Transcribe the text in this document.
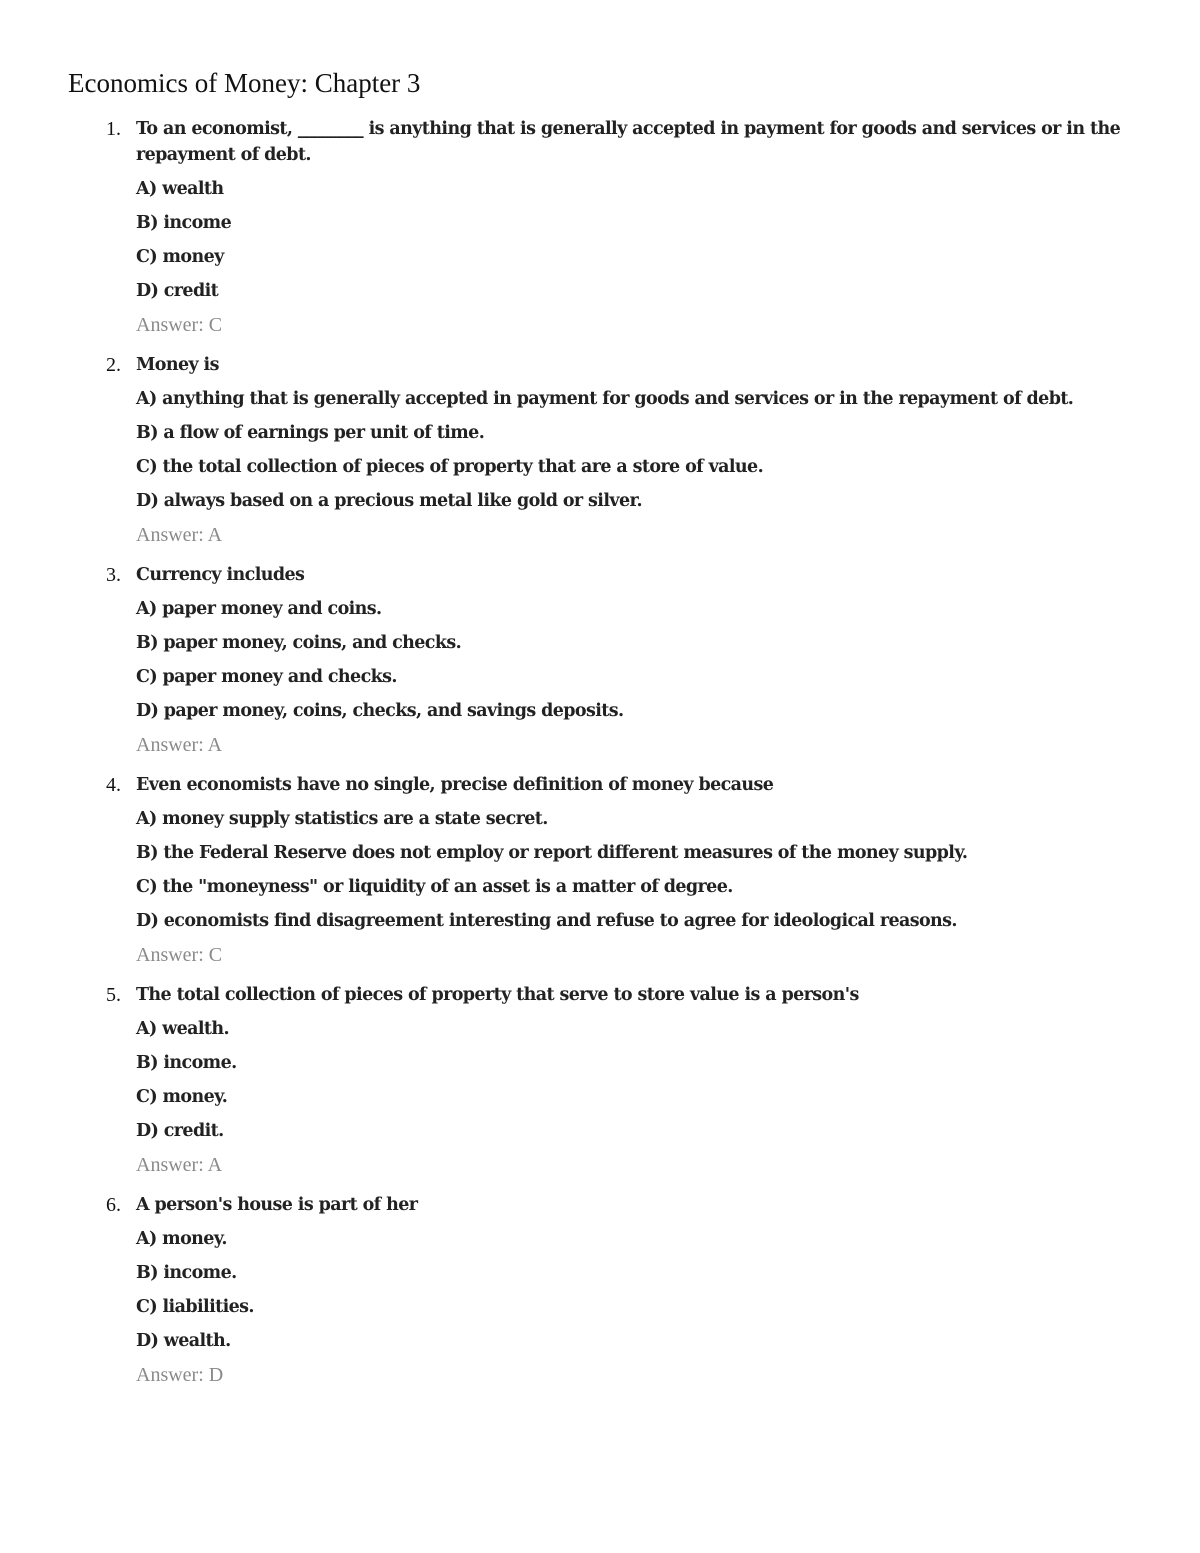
Economics of Money: Chapter 3
1. To an economist, ________ is anything that is generally accepted in payment for goods and services or in the repayment of debt.
A) wealth
B) income
C) money
D) credit
Answer: C
2. Money is
A) anything that is generally accepted in payment for goods and services or in the repayment of debt.
B) a flow of earnings per unit of time.
C) the total collection of pieces of property that are a store of value.
D) always based on a precious metal like gold or silver.
Answer: A
3. Currency includes
A) paper money and coins.
B) paper money, coins, and checks.
C) paper money and checks.
D) paper money, coins, checks, and savings deposits.
Answer: A
4. Even economists have no single, precise definition of money because
A) money supply statistics are a state secret.
B) the Federal Reserve does not employ or report different measures of the money supply.
C) the "moneyness" or liquidity of an asset is a matter of degree.
D) economists find disagreement interesting and refuse to agree for ideological reasons.
Answer: C
5. The total collection of pieces of property that serve to store value is a person's
A) wealth.
B) income.
C) money.
D) credit.
Answer: A
6. A person's house is part of her
A) money.
B) income.
C) liabilities.
D) wealth.
Answer: D
